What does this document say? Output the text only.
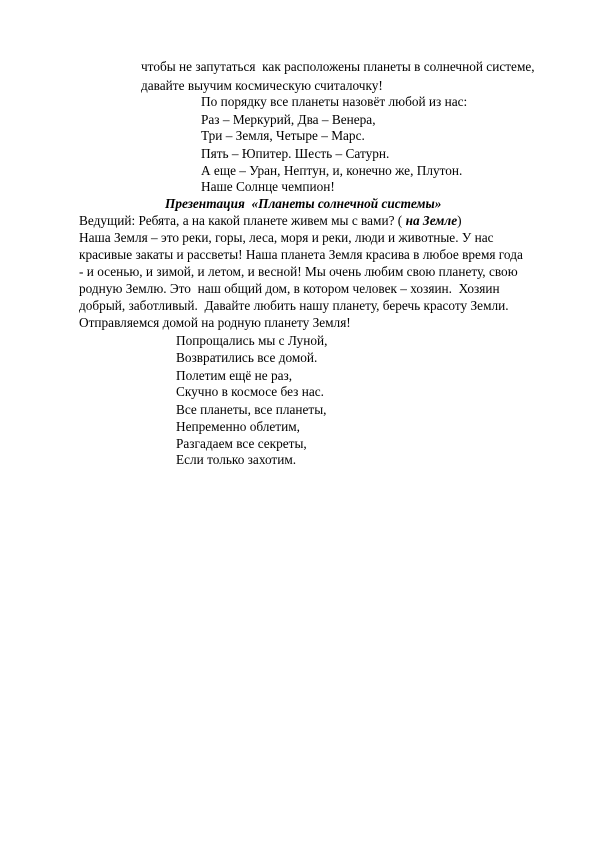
чтобы не запутаться  как расположены планеты в солнечной системе,
давайте выучим космическую считалочку!
По порядку все планеты назовёт любой из нас:
Раз – Меркурий, Два – Венера,
Три – Земля, Четыре – Марс.
Пять – Юпитер. Шесть – Сатурн.
А еще – Уран, Нептун, и, конечно же, Плутон.
Наше Солнце чемпион!
Презентация  «Планеты солнечной системы»
Ведущий: Ребята, а на какой планете живем мы с вами? ( на Земле)
Наша Земля – это реки, горы, леса, моря и реки, люди и животные. У нас
красивые закаты и рассветы! Наша планета Земля красива в любое время года
- и осенью, и зимой, и летом, и весной! Мы очень любим свою планету, свою
родную Землю. Это  наш общий дом, в котором человек – хозяин.  Хозяин
добрый, заботливый.  Давайте любить нашу планету, беречь красоту Земли.
Отправляемся домой на родную планету Земля!
Попрощались мы с Луной,
Возвратились все домой.
Полетим ещё не раз,
Скучно в космосе без нас.
Все планеты, все планеты,
Непременно облетим,
Разгадаем все секреты,
Если только захотим.
